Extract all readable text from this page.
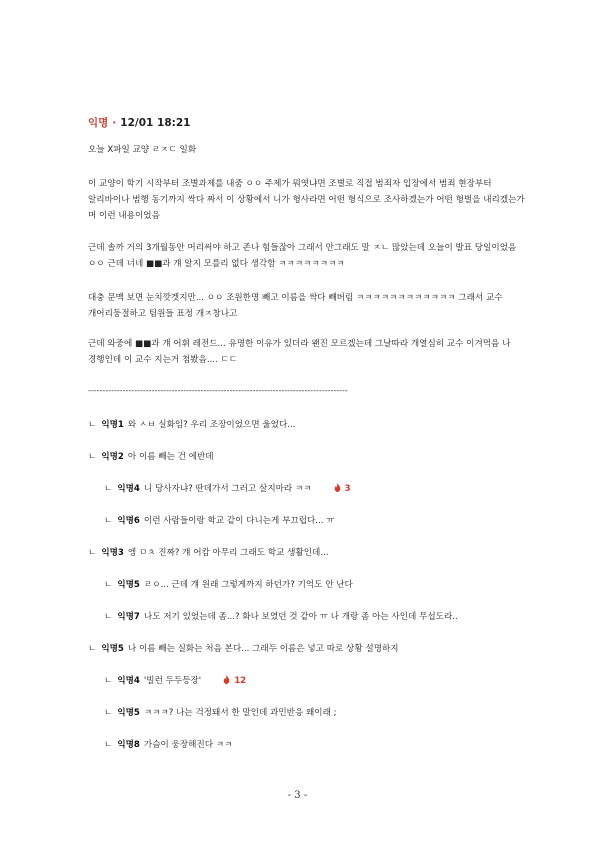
익명 · 12/01 18:21
오늘 X파일 교양 ㄹㅈㄷ 일화
이 교양이 학기 시작부터 조별과제를 내줌 ㅇㅇ 주제가 뭐엿냐면 조별로 직접 범죄자 입장에서 범죄 현장부터 알리바이나 범행 동기까지 싹다 짜서 이 상황에서 니가 형사라면 어떤 형식으로 조사하겠는가 어떤 형벌을 내리겠는가 머 이런 내용이었음
근데 솔까 거의 3개월동안 머리써야 하고 존나 힘들잖아 그래서 안그래도 말 ㅈㄴ 많았는데 오늘이 발표 당일이었음 ㅇㅇ 근데 너네 ■■과 걔 알지 모를리 없다 생각함 ㅋㅋㅋㅋㅋㅋㅋㅋ
대충 문맥 보면 눈치깟겟지만... ㅇㅇ 조원한명 빼고 이름을 싹다 빼버림 ㅋㅋㅋㅋㅋㅋㅋㅋㅋㅋㅋㅋ 그래서 교수 개어리둥절하고 팀원들 표정 개ㅈ창나고
근데 와중에 ■■과 걔 어휘 레전드... 유명한 이유가 있더라 왠진 모르겠는데 그날따라 개열심히 교수 이겨먹음 나 경행인데 이 교수 지는거 첨봤음.... ㄷㄷ
------------------------------------------------------------------------------------------
ㄴ 익명1 와 ㅅㅂ 실화임? 우리 조장이었으면 울었다...
ㄴ 익명2 아 이름 빼는 건 에반데
ㄴ 익명4 니 당사자냐? 딴데가서 그러고 살지마라 ㅋㅋ	3
ㄴ 익명6 이런 사람들이랑 학교 같이 다니는게 부끄럽다... ㅠ
ㄴ 익명3 엥 ㅁㅊ 진짜? 걔 어캄 아무리 그래도 학교 생활인데...
ㄴ 익명5 ㄹㅇ... 근데 걔 원래 그렇게까지 하던가? 기억도 안 난다
ㄴ 익명7 나도 저기 있었는데 좀...? 화나 보였던 것 같아 ㅠ 나 개랑 좀 아는 사인데 무섭도라..
ㄴ 익명5 나 이름 빼는 실화는 처음 본다... 그래두 이름은 넣고 따로 상황 설명하지
ㄴ 익명4 '빌런 두두등장'	12
ㄴ 익명5 ㅋㅋㅋ? 나는 걱정돼서 한 말인데 과민반응 왜이래 ;
ㄴ 익명8 가슴이 웅장해진다 ㅋㅋ
- 3 -
